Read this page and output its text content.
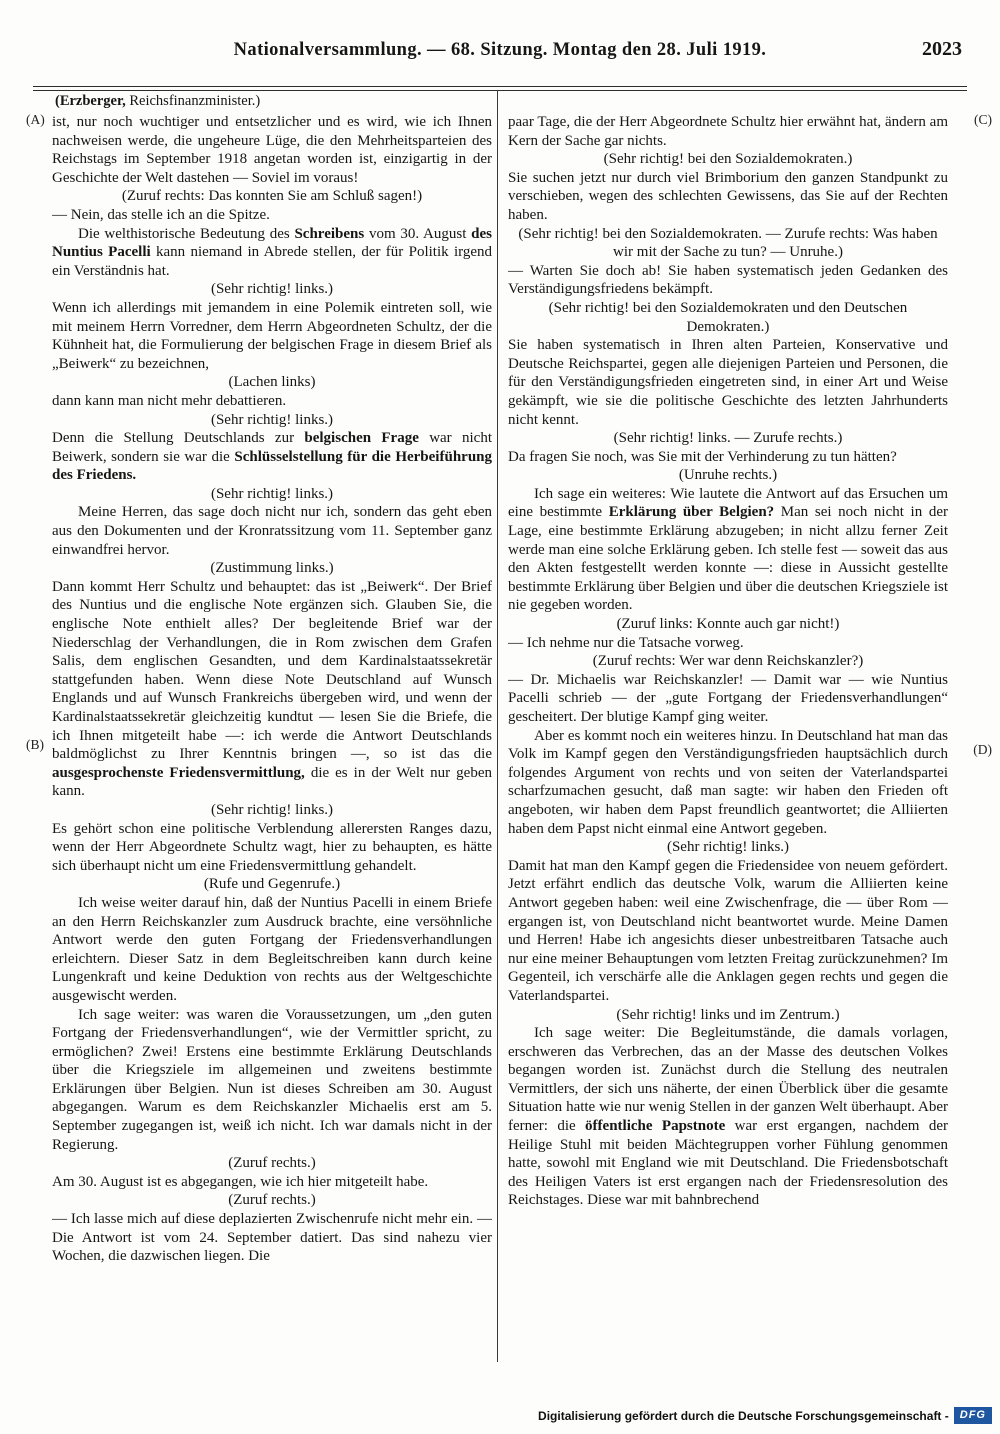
Nationalversammlung. — 68. Sitzung. Montag den 28. Juli 1919.	2023
(Erzberger, Reichsfinanzminister.)
(A)
(B)
(C)
(D)

ist, nur noch wuchtiger und entsetzlicher und es wird, wie ich Ihnen nachweisen werde, die ungeheure Lüge, die den Mehrheitsparteien des Reichstags im September 1918 angetan worden ist, einzigartig in der Geschichte der Welt dastehen — Soviel im voraus!

(Zuruf rechts: Das konnten Sie am Schluß sagen!)

— Nein, das stelle ich an die Spitze.

Die welthistorische Bedeutung des Schreibens vom 30. August des Nuntius Pacelli kann niemand in Abrede stellen, der für Politik irgend ein Verständnis hat.

(Sehr richtig! links.)

Wenn ich allerdings mit jemandem in eine Polemik eintreten soll, wie mit meinem Herrn Vorredner, dem Herrn Abgeordneten Schultz, der die Kühnheit hat, die Formulierung der belgischen Frage in diesem Brief als „Beiwerk“ zu bezeichnen,

(Lachen links)

dann kann man nicht mehr debattieren.

(Sehr richtig! links.)

Denn die Stellung Deutschlands zur belgischen Frage war nicht Beiwerk, sondern sie war die Schlüsselstellung für die Herbeiführung des Friedens.

(Sehr richtig! links.)

Meine Herren, das sage doch nicht nur ich, sondern das geht eben aus den Dokumenten und der Kronratssitzung vom 11. September ganz einwandfrei hervor.

(Zustimmung links.)

Dann kommt Herr Schultz und behauptet: das ist „Beiwerk“. Der Brief des Nuntius und die englische Note ergänzen sich. Glauben Sie, die englische Note enthielt alles? Der begleitende Brief war der Niederschlag der Verhandlungen, die in Rom zwischen dem Grafen Salis, dem englischen Gesandten, und dem Kardinalstaatssekretär stattgefunden haben. Wenn diese Note Deutschland auf Wunsch Englands und auf Wunsch Frankreichs übergeben wird, und wenn der Kardinalstaatssekretär gleichzeitig kundtut — lesen Sie die Briefe, die ich Ihnen mitgeteilt habe —: ich werde die Antwort Deutschlands baldmöglichst zu Ihrer Kenntnis bringen —, so ist das die ausgesprochenste Friedensvermittlung, die es in der Welt nur geben kann.

(Sehr richtig! links.)

Es gehört schon eine politische Verblendung allerersten Ranges dazu, wenn der Herr Abgeordnete Schultz wagt, hier zu behaupten, es hätte sich überhaupt nicht um eine Friedensvermittlung gehandelt.

(Rufe und Gegenrufe.)

Ich weise weiter darauf hin, daß der Nuntius Pacelli in einem Briefe an den Herrn Reichskanzler zum Ausdruck brachte, eine versöhnliche Antwort werde den guten Fortgang der Friedensverhandlungen erleichtern. Dieser Satz in dem Begleitschreiben kann durch keine Lungenkraft und keine Deduktion von rechts aus der Weltgeschichte ausgewischt werden.

Ich sage weiter: was waren die Voraussetzungen, um „den guten Fortgang der Friedensverhandlungen“, wie der Vermittler spricht, zu ermöglichen? Zwei! Erstens eine bestimmte Erklärung Deutschlands über die Kriegsziele im allgemeinen und zweitens bestimmte Erklärungen über Belgien. Nun ist dieses Schreiben am 30. August abgegangen. Warum es dem Reichskanzler Michaelis erst am 5. September zugegangen ist, weiß ich nicht. Ich war damals nicht in der Regierung.

(Zuruf rechts.)

Am 30. August ist es abgegangen, wie ich hier mitgeteilt habe.

(Zuruf rechts.)

— Ich lasse mich auf diese deplazierten Zwischenrufe nicht mehr ein. — Die Antwort ist vom 24. September datiert. Das sind nahezu vier Wochen, die dazwischen liegen. Die

paar Tage, die der Herr Abgeordnete Schultz hier erwähnt hat, ändern am Kern der Sache gar nichts.

(Sehr richtig! bei den Sozialdemokraten.)

Sie suchen jetzt nur durch viel Brimborium den ganzen Standpunkt zu verschieben, wegen des schlechten Gewissens, das Sie auf der Rechten haben.

(Sehr richtig! bei den Sozialdemokraten. — Zurufe rechts: Was haben wir mit der Sache zu tun? — Unruhe.)

— Warten Sie doch ab! Sie haben systematisch jeden Gedanken des Verständigungsfriedens bekämpft.

(Sehr richtig! bei den Sozialdemokraten und den Deutschen Demokraten.)

Sie haben systematisch in Ihren alten Parteien, Konservative und Deutsche Reichspartei, gegen alle diejenigen Parteien und Personen, die für den Verständigungsfrieden eingetreten sind, in einer Art und Weise gekämpft, wie sie die politische Geschichte des letzten Jahrhunderts nicht kennt.

(Sehr richtig! links. — Zurufe rechts.)

Da fragen Sie noch, was Sie mit der Verhinderung zu tun hätten?

(Unruhe rechts.)

Ich sage ein weiteres: Wie lautete die Antwort auf das Ersuchen um eine bestimmte Erklärung über Belgien? Man sei noch nicht in der Lage, eine bestimmte Erklärung abzugeben; in nicht allzu ferner Zeit werde man eine solche Erklärung geben. Ich stelle fest — soweit das aus den Akten festgestellt werden konnte —: diese in Aussicht gestellte bestimmte Erklärung über Belgien und über die deutschen Kriegsziele ist nie gegeben worden.

(Zuruf links: Konnte auch gar nicht!)

— Ich nehme nur die Tatsache vorweg.

(Zuruf rechts: Wer war denn Reichskanzler?)

— Dr. Michaelis war Reichskanzler! — Damit war — wie Nuntius Pacelli schrieb — der „gute Fortgang der Friedensverhandlungen“ gescheitert. Der blutige Kampf ging weiter.

Aber es kommt noch ein weiteres hinzu. In Deutschland hat man das Volk im Kampf gegen den Verständigungsfrieden hauptsächlich durch folgendes Argument von rechts und von seiten der Vaterlandspartei scharfzumachen gesucht, daß man sagte: wir haben den Frieden oft angeboten, wir haben dem Papst freundlich geantwortet; die Alliierten haben dem Papst nicht einmal eine Antwort gegeben.

(Sehr richtig! links.)

Damit hat man den Kampf gegen die Friedensidee von neuem gefördert. Jetzt erfährt endlich das deutsche Volk, warum die Alliierten keine Antwort gegeben haben: weil eine Zwischenfrage, die — über Rom — ergangen ist, von Deutschland nicht beantwortet wurde. Meine Damen und Herren! Habe ich angesichts dieser unbestreitbaren Tatsache auch nur eine meiner Behauptungen vom letzten Freitag zurückzunehmen? Im Gegenteil, ich verschärfe alle die Anklagen gegen rechts und gegen die Vaterlandspartei.

(Sehr richtig! links und im Zentrum.)

Ich sage weiter: Die Begleitumstände, die damals vorlagen, erschweren das Verbrechen, das an der Masse des deutschen Volkes begangen worden ist. Zunächst durch die Stellung des neutralen Vermittlers, der sich uns näherte, der einen Überblick über die gesamte Situation hatte wie nur wenig Stellen in der ganzen Welt überhaupt. Aber ferner: die öffentliche Papstnote war erst ergangen, nachdem der Heilige Stuhl mit beiden Mächtegruppen vorher Fühlung genommen hatte, sowohl mit England wie mit Deutschland. Die Friedensbotschaft des Heiligen Vaters ist erst ergangen nach der Friedensresolution des Reichstages. Diese war mit bahnbrechend

Digitalisierung gefördert durch die Deutsche Forschungsgemeinschaft -	DFG
